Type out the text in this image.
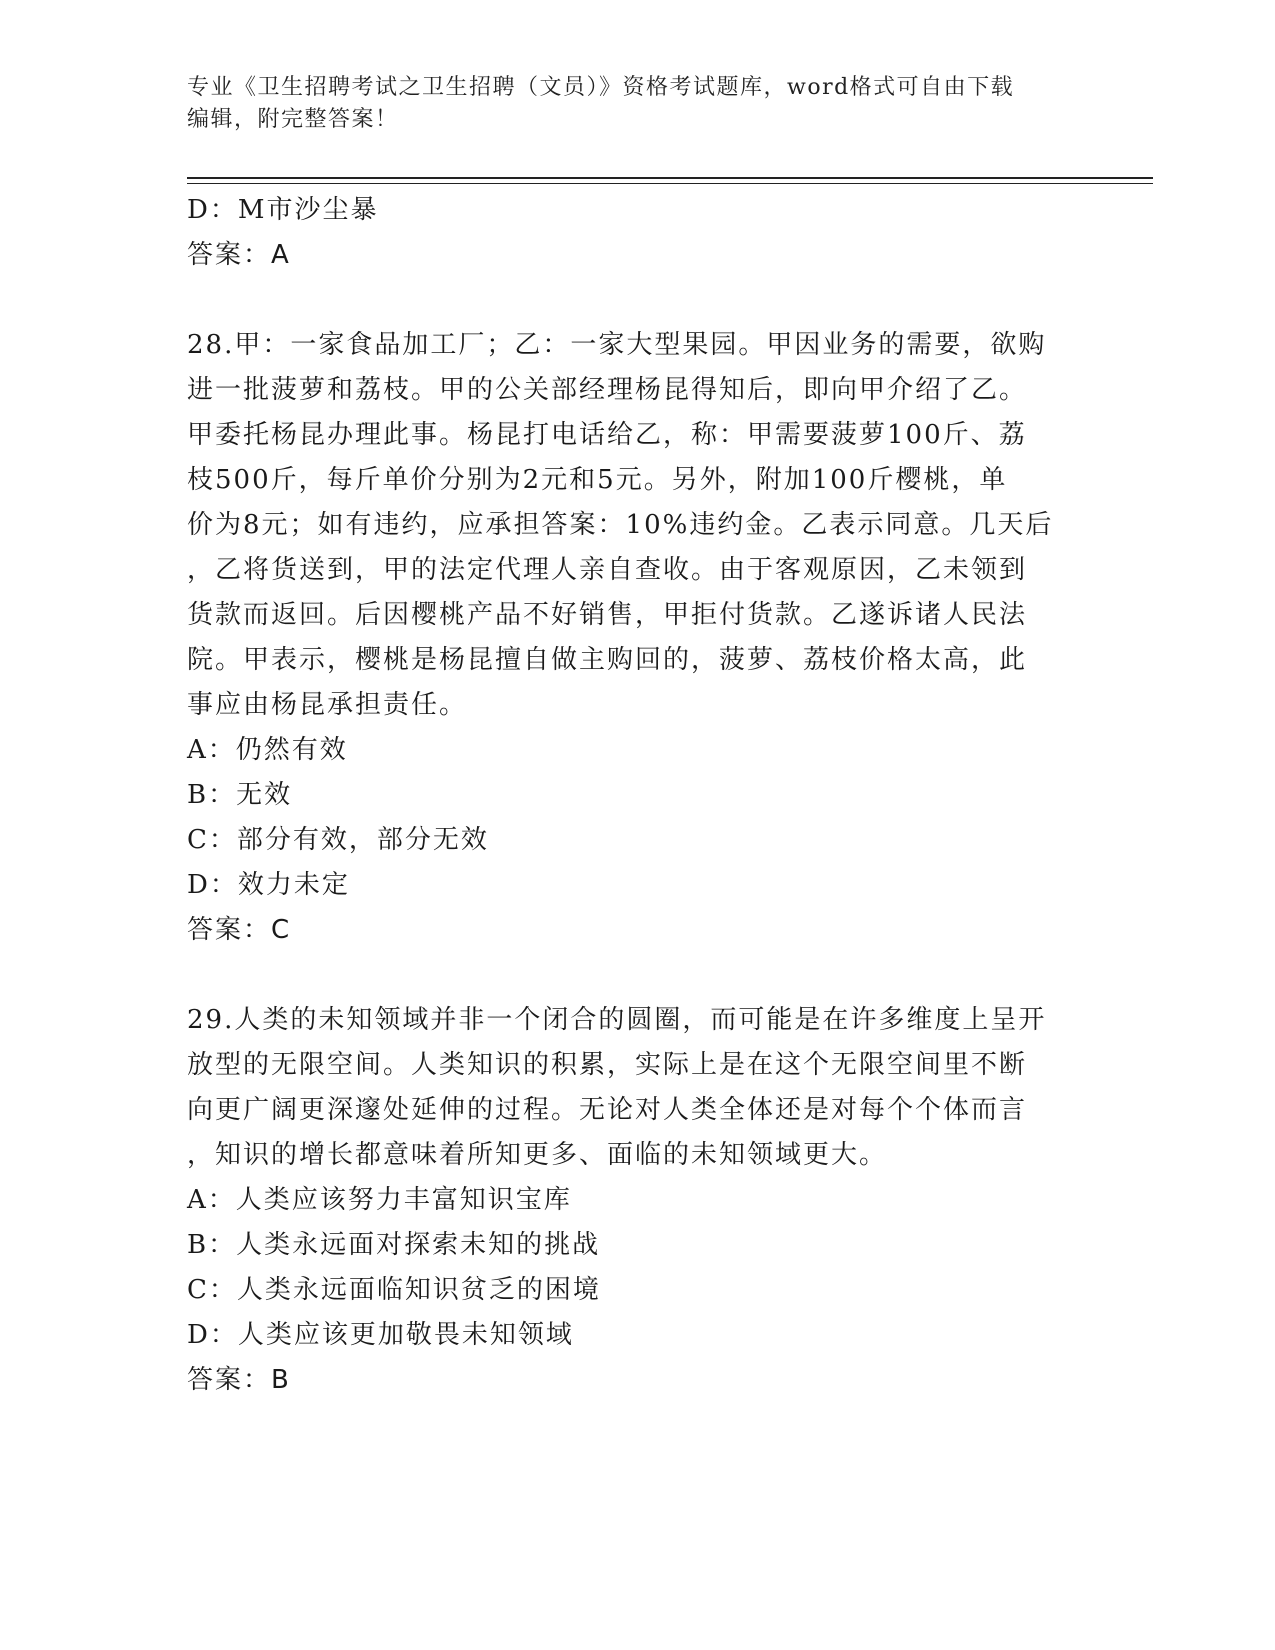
专业《卫生招聘考试之卫生招聘（文员）》资格考试题库，word格式可自由下载
编辑，附完整答案！
D：M市沙尘暴
答案：A
28.甲：一家食品加工厂；乙：一家大型果园。甲因业务的需要，欲购
进一批菠萝和荔枝。甲的公关部经理杨昆得知后，即向甲介绍了乙。
甲委托杨昆办理此事。杨昆打电话给乙，称：甲需要菠萝100斤、荔
枝500斤，每斤单价分别为2元和5元。另外，附加100斤樱桃，单
价为8元；如有违约，应承担答案：10%违约金。乙表示同意。几天后
，乙将货送到，甲的法定代理人亲自查收。由于客观原因，乙未领到
货款而返回。后因樱桃产品不好销售，甲拒付货款。乙遂诉诸人民法
院。甲表示，樱桃是杨昆擅自做主购回的，菠萝、荔枝价格太高，此
事应由杨昆承担责任。
A：仍然有效
B：无效
C：部分有效，部分无效
D：效力未定
答案：C
29.人类的未知领域并非一个闭合的圆圈，而可能是在许多维度上呈开
放型的无限空间。人类知识的积累，实际上是在这个无限空间里不断
向更广阔更深邃处延伸的过程。无论对人类全体还是对每个个体而言
，知识的增长都意味着所知更多、面临的未知领域更大。
A：人类应该努力丰富知识宝库
B：人类永远面对探索未知的挑战
C：人类永远面临知识贫乏的困境
D：人类应该更加敬畏未知领域
答案：B
